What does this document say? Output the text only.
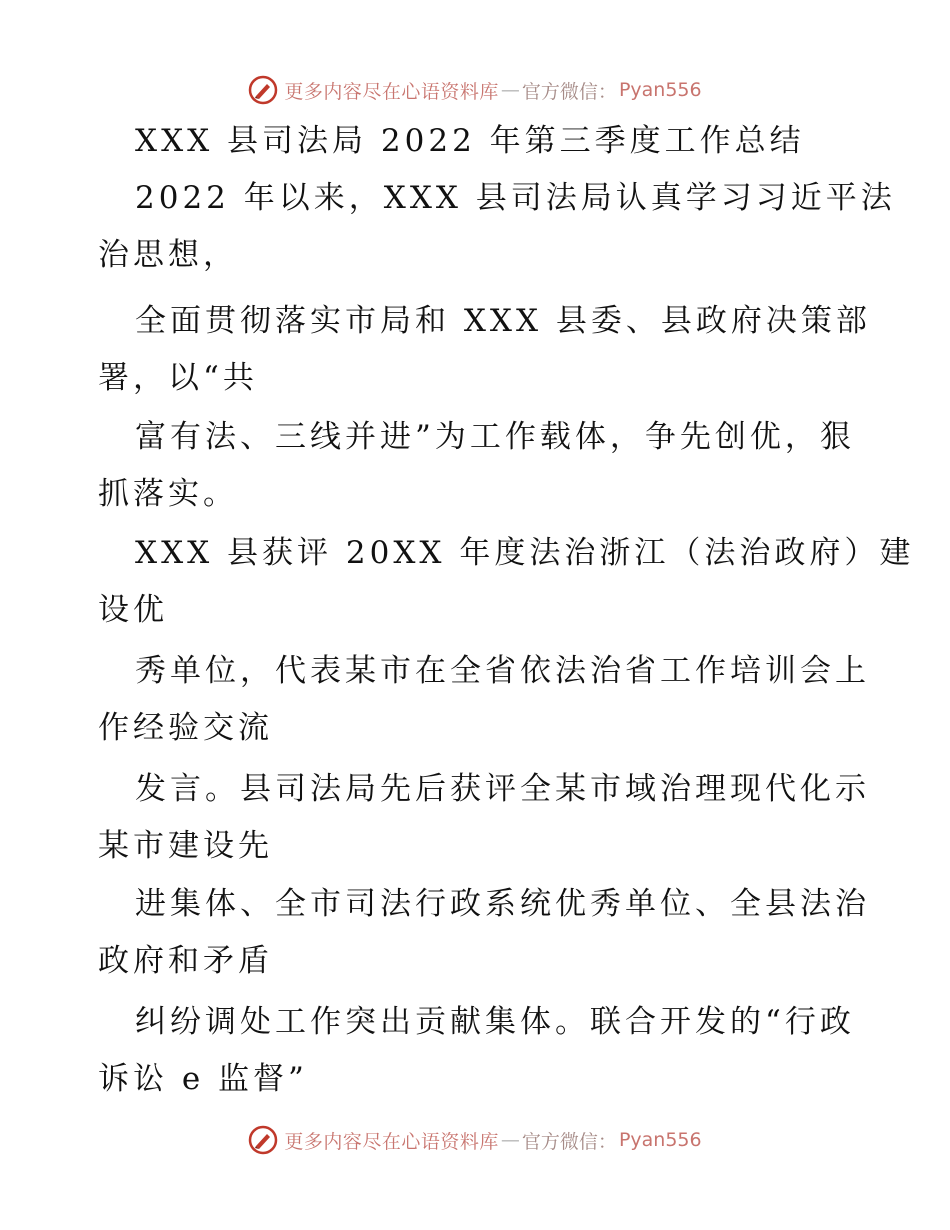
更多内容尽在心语资料库 — 官方微信： Pyan556
XXX 县司法局 2022 年第三季度工作总结
2022 年以来，XXX 县司法局认真学习习近平法
治思想，
全面贯彻落实市局和 XXX 县委、县政府决策部
署，以“共
富有法、三线并进”为工作载体，争先创优，狠
抓落实。
XXX 县获评 20XX 年度法治浙江（法治政府）建
设优
秀单位，代表某市在全省依法治省工作培训会上
作经验交流
发言。县司法局先后获评全某市域治理现代化示
某市建设先
进集体、全市司法行政系统优秀单位、全县法治
政府和矛盾
纠纷调处工作突出贡献集体。联合开发的“行政
诉讼 e 监督”
更多内容尽在心语资料库 — 官方微信： Pyan556
